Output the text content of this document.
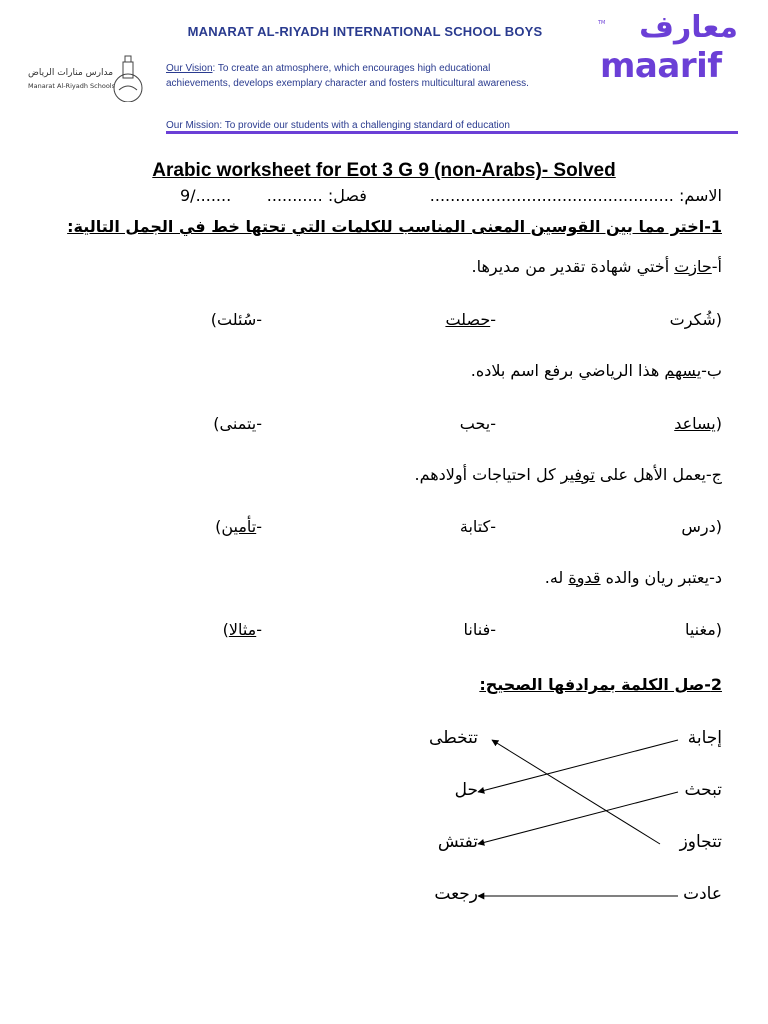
MANARAT AL-RIYADH INTERNATIONAL SCHOOL BOYS
مدارس منارات الرياض
Manarat Al-Riyadh Schools
Our Vision: To create an atmosphere, which encourages high educational achievements, develops exemplary character and fosters multicultural awareness.
Our Mission: To provide our students with a challenging standard of education
TM معارف
maarif
Arabic worksheet for Eot 3 G 9 (non-Arabs)- Solved
الاسم: ................................................
9/....... فصل: ...........
1-اختر مما بين القوسين المعنى المناسب للكلمات التي تحتها خط في الجمل التالية:
أ-حازت أختي شهادة تقدير من مديرها.
(شُكرت
-حصلت
-سُئلت)
ب-يسهم هذا الرياضي برفع اسم بلاده.
(يساعد
-يحب
-يتمنى)
ج-يعمل الأهل على توفير كل احتياجات أولادهم.
(درس
-كتابة
-تأمين)
د-يعتبر ريان والده قدوة له.
(مغنيا
-فنانا
-مثالا)
2-صل الكلمة بمرادفها الصحيح:
إجابة
تبحث
تتجاوز
عادت
تتخطى
حل
تفتش
رجعت
